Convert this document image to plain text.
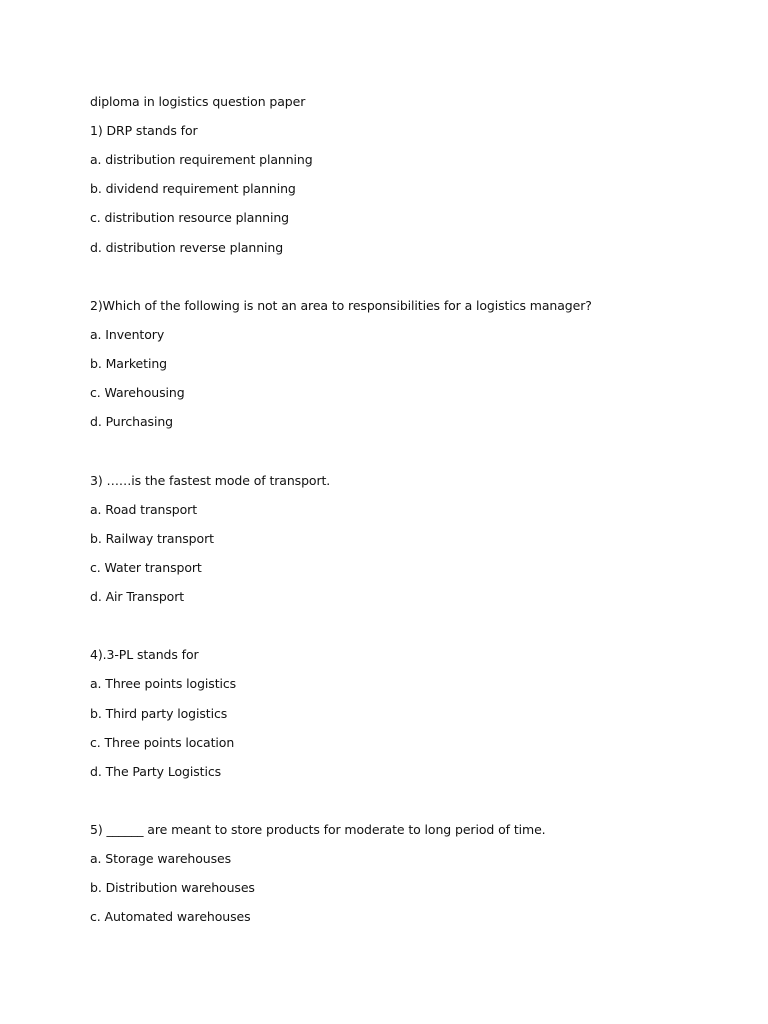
diploma in logistics question paper
1) DRP stands for
a. distribution requirement planning
b. dividend requirement planning
c. distribution resource planning
d. distribution reverse planning
2)Which of the following is not an area to responsibilities for a logistics manager?
a. Inventory
b. Marketing
c. Warehousing
d. Purchasing
3) ……is the fastest mode of transport.
a. Road transport
b. Railway transport
c. Water transport
d. Air Transport
4).3-PL stands for
a. Three points logistics
b. Third party logistics
c. Three points location
d. The Party Logistics
5) ______ are meant to store products for moderate to long period of time.
a. Storage warehouses
b. Distribution warehouses
c. Automated warehouses
